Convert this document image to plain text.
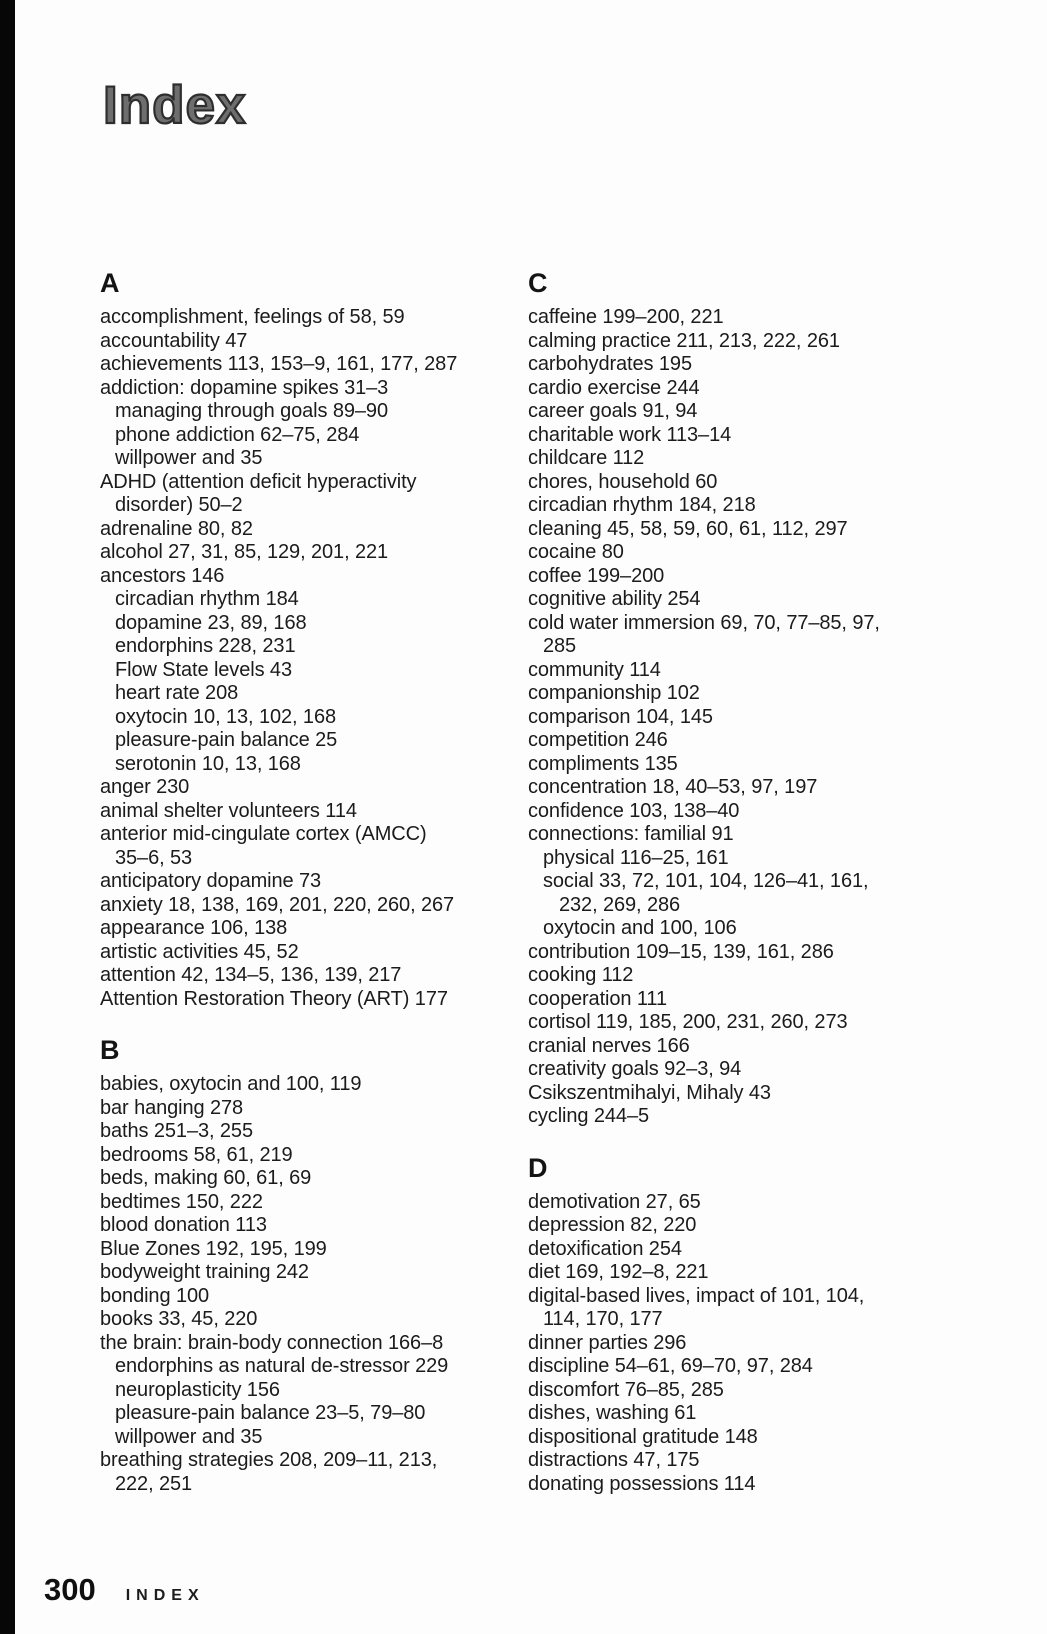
Index
A
accomplishment, feelings of 58, 59
accountability 47
achievements 113, 153–9, 161, 177, 287
addiction: dopamine spikes 31–3
managing through goals 89–90
phone addiction 62–75, 284
willpower and 35
ADHD (attention deficit hyperactivity
disorder) 50–2
adrenaline 80, 82
alcohol 27, 31, 85, 129, 201, 221
ancestors 146
circadian rhythm 184
dopamine 23, 89, 168
endorphins 228, 231
Flow State levels 43
heart rate 208
oxytocin 10, 13, 102, 168
pleasure-pain balance 25
serotonin 10, 13, 168
anger 230
animal shelter volunteers 114
anterior mid-cingulate cortex (AMCC)
35–6, 53
anticipatory dopamine 73
anxiety 18, 138, 169, 201, 220, 260, 267
appearance 106, 138
artistic activities 45, 52
attention 42, 134–5, 136, 139, 217
Attention Restoration Theory (ART) 177
B
babies, oxytocin and 100, 119
bar hanging 278
baths 251–3, 255
bedrooms 58, 61, 219
beds, making 60, 61, 69
bedtimes 150, 222
blood donation 113
Blue Zones 192, 195, 199
bodyweight training 242
bonding 100
books 33, 45, 220
the brain: brain-body connection 166–8
endorphins as natural de-stressor 229
neuroplasticity 156
pleasure-pain balance 23–5, 79–80
willpower and 35
breathing strategies 208, 209–11, 213,
222, 251
C
caffeine 199–200, 221
calming practice 211, 213, 222, 261
carbohydrates 195
cardio exercise 244
career goals 91, 94
charitable work 113–14
childcare 112
chores, household 60
circadian rhythm 184, 218
cleaning 45, 58, 59, 60, 61, 112, 297
cocaine 80
coffee 199–200
cognitive ability 254
cold water immersion 69, 70, 77–85, 97,
285
community 114
companionship 102
comparison 104, 145
competition 246
compliments 135
concentration 18, 40–53, 97, 197
confidence 103, 138–40
connections: familial 91
physical 116–25, 161
social 33, 72, 101, 104, 126–41, 161,
232, 269, 286
oxytocin and 100, 106
contribution 109–15, 139, 161, 286
cooking 112
cooperation 111
cortisol 119, 185, 200, 231, 260, 273
cranial nerves 166
creativity goals 92–3, 94
Csikszentmihalyi, Mihaly 43
cycling 244–5
D
demotivation 27, 65
depression 82, 220
detoxification 254
diet 169, 192–8, 221
digital-based lives, impact of 101, 104,
114, 170, 177
dinner parties 296
discipline 54–61, 69–70, 97, 284
discomfort 76–85, 285
dishes, washing 61
dispositional gratitude 148
distractions 47, 175
donating possessions 114
300 INDEX
